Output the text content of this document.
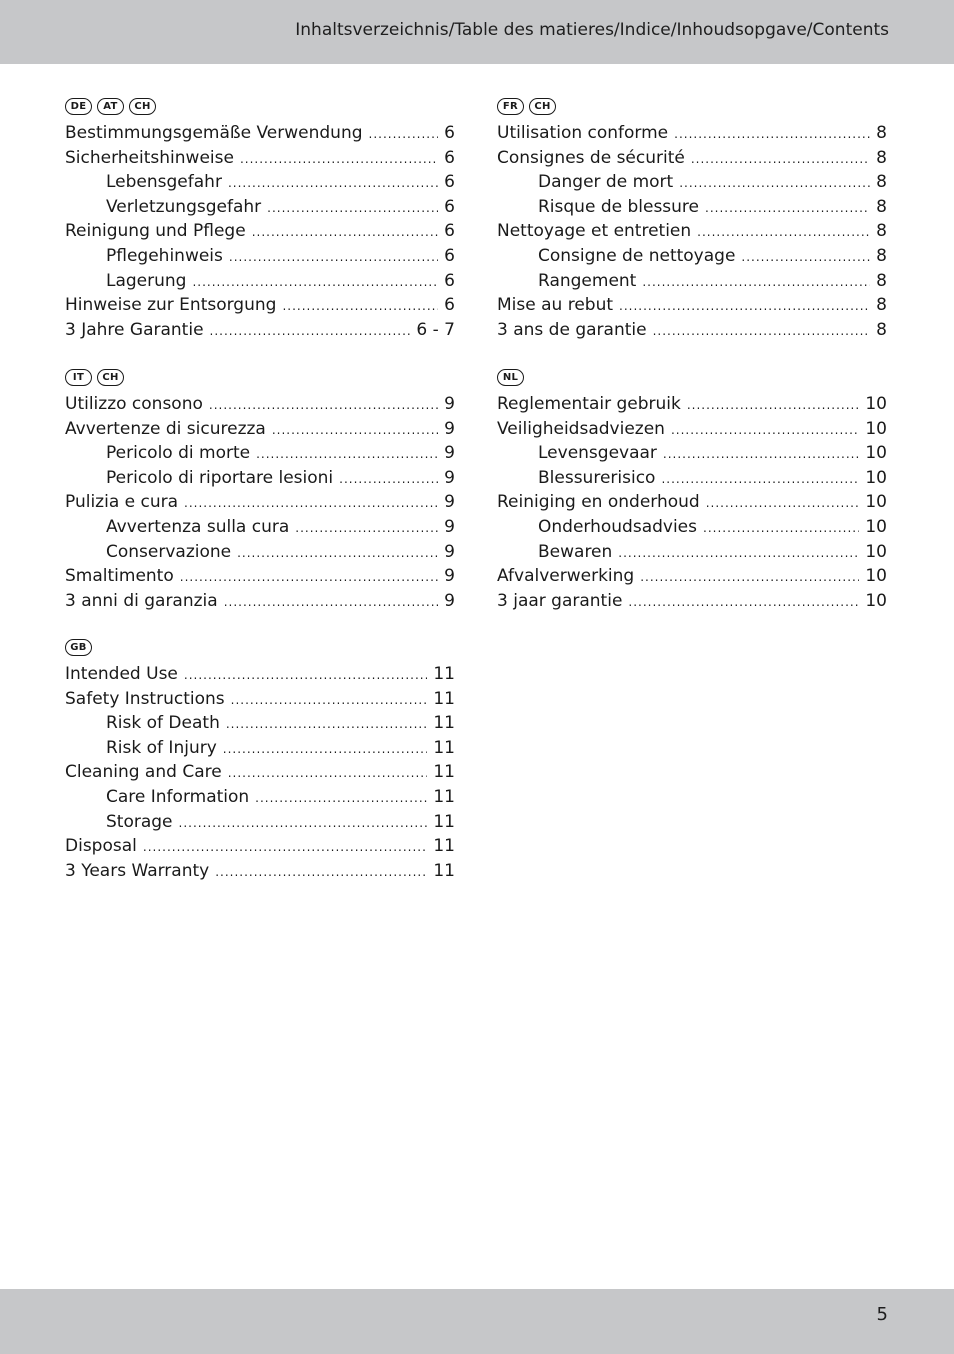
Inhaltsverzeichnis/Table des matieres/Indice/Inhoudsopgave/Contents
DE	AT	CH
Bestimmungsgemäße Verwendung .....	6
Sicherheitshinweise .....	6
Lebensgefahr .....	6
Verletzungsgefahr .....	6
Reinigung und Pflege .....	6
Pflegehinweis .....	6
Lagerung .....	6
Hinweise zur Entsorgung .....	6
3 Jahre Garantie .....	6 - 7
FR	CH
Utilisation conforme .....	8
Consignes de sécurité .....	8
Danger de mort .....	8
Risque de blessure .....	8
Nettoyage et entretien .....	8
Consigne de nettoyage .....	8
Rangement .....	8
Mise au rebut .....	8
3 ans de garantie .....	8
IT	CH
Utilizzo consono .....	9
Avvertenze di sicurezza .....	9
Pericolo di morte .....	9
Pericolo di riportare lesioni .....	9
Pulizia e cura .....	9
Avvertenza sulla cura .....	9
Conservazione .....	9
Smaltimento .....	9
3 anni di garanzia .....	9
NL
Reglementair gebruik .....	10
Veiligheidsadviezen .....	10
Levensgevaar .....	10
Blessurerisico .....	10
Reiniging en onderhoud .....	10
Onderhoudsadvies .....	10
Bewaren .....	10
Afvalverwerking .....	10
3 jaar garantie .....	10
GB
Intended Use .....	11
Safety Instructions .....	11
Risk of Death .....	11
Risk of Injury .....	11
Cleaning and Care .....	11
Care Information .....	11
Storage .....	11
Disposal .....	11
3 Years Warranty .....	11
5
